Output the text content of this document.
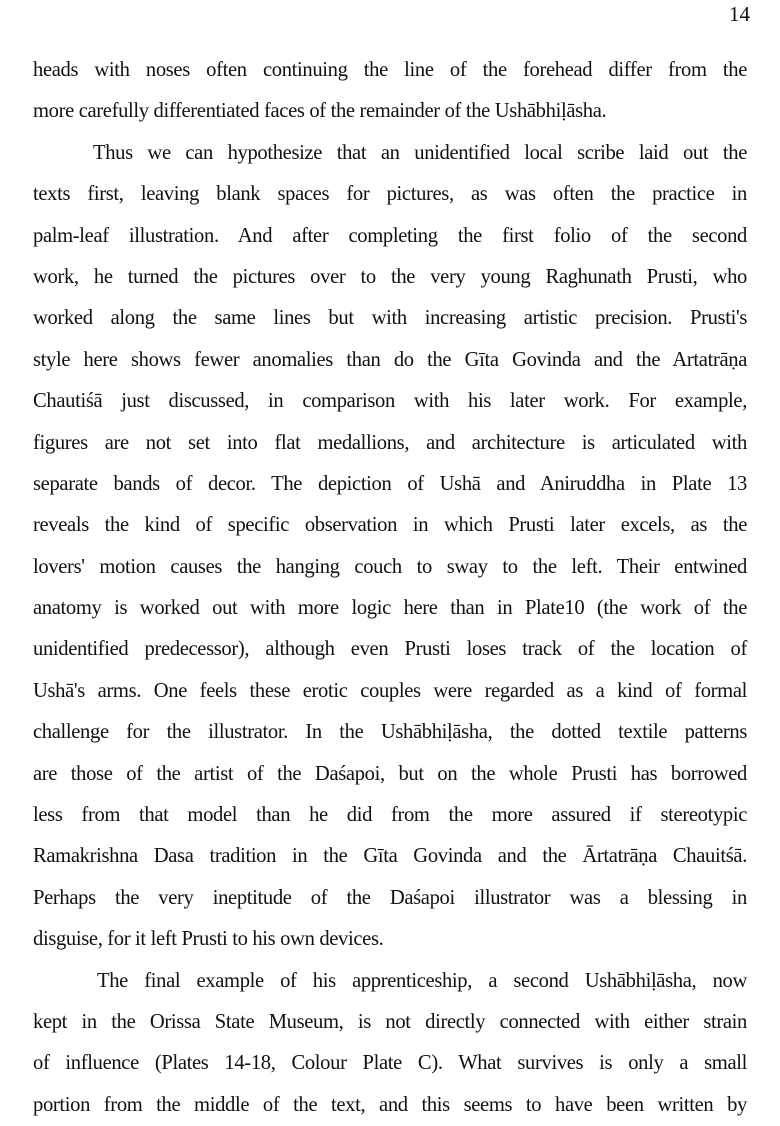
14
heads with noses often continuing the line of the forehead differ from the
more carefully differentiated faces of the remainder of the Ushābhiḷāsha.
Thus we can hypothesize that an unidentified local scribe laid out the
texts first, leaving blank spaces for pictures, as was often the practice in
palm-leaf illustration. And after completing the first folio of the second
work, he turned the pictures over to the very young Raghunath Prusti, who
worked along the same lines but with increasing artistic precision. Prusti's
style here shows fewer anomalies than do the Gīta Govinda and the Artatrāṇa
Chautiśā just discussed, in comparison with his later work. For example,
figures are not set into flat medallions, and architecture is articulated with
separate bands of decor. The depiction of Ushā and Aniruddha in Plate 13
reveals the kind of specific observation in which Prusti later excels, as the
lovers' motion causes the hanging couch to sway to the left. Their entwined
anatomy is worked out with more logic here than in Plate10 (the work of the
unidentified predecessor), although even Prusti loses track of the location of
Ushā's arms. One feels these erotic couples were regarded as a kind of formal
challenge for the illustrator. In the Ushābhiḷāsha, the dotted textile patterns
are those of the artist of the Daśapoi, but on the whole Prusti has borrowed
less from that model than he did from the more assured if stereotypic
Ramakrishna Dasa tradition in the Gīta Govinda and the Ārtatrāṇa Chauitśā.
Perhaps the very ineptitude of the Daśapoi illustrator was a blessing in
disguise, for it left Prusti to his own devices.
The final example of his apprenticeship, a second Ushābhiḷāsha, now
kept in the Orissa State Museum, is not directly connected with either strain
of influence (Plates 14-18, Colour Plate C). What survives is only a small
portion from the middle of the text, and this seems to have been written by
